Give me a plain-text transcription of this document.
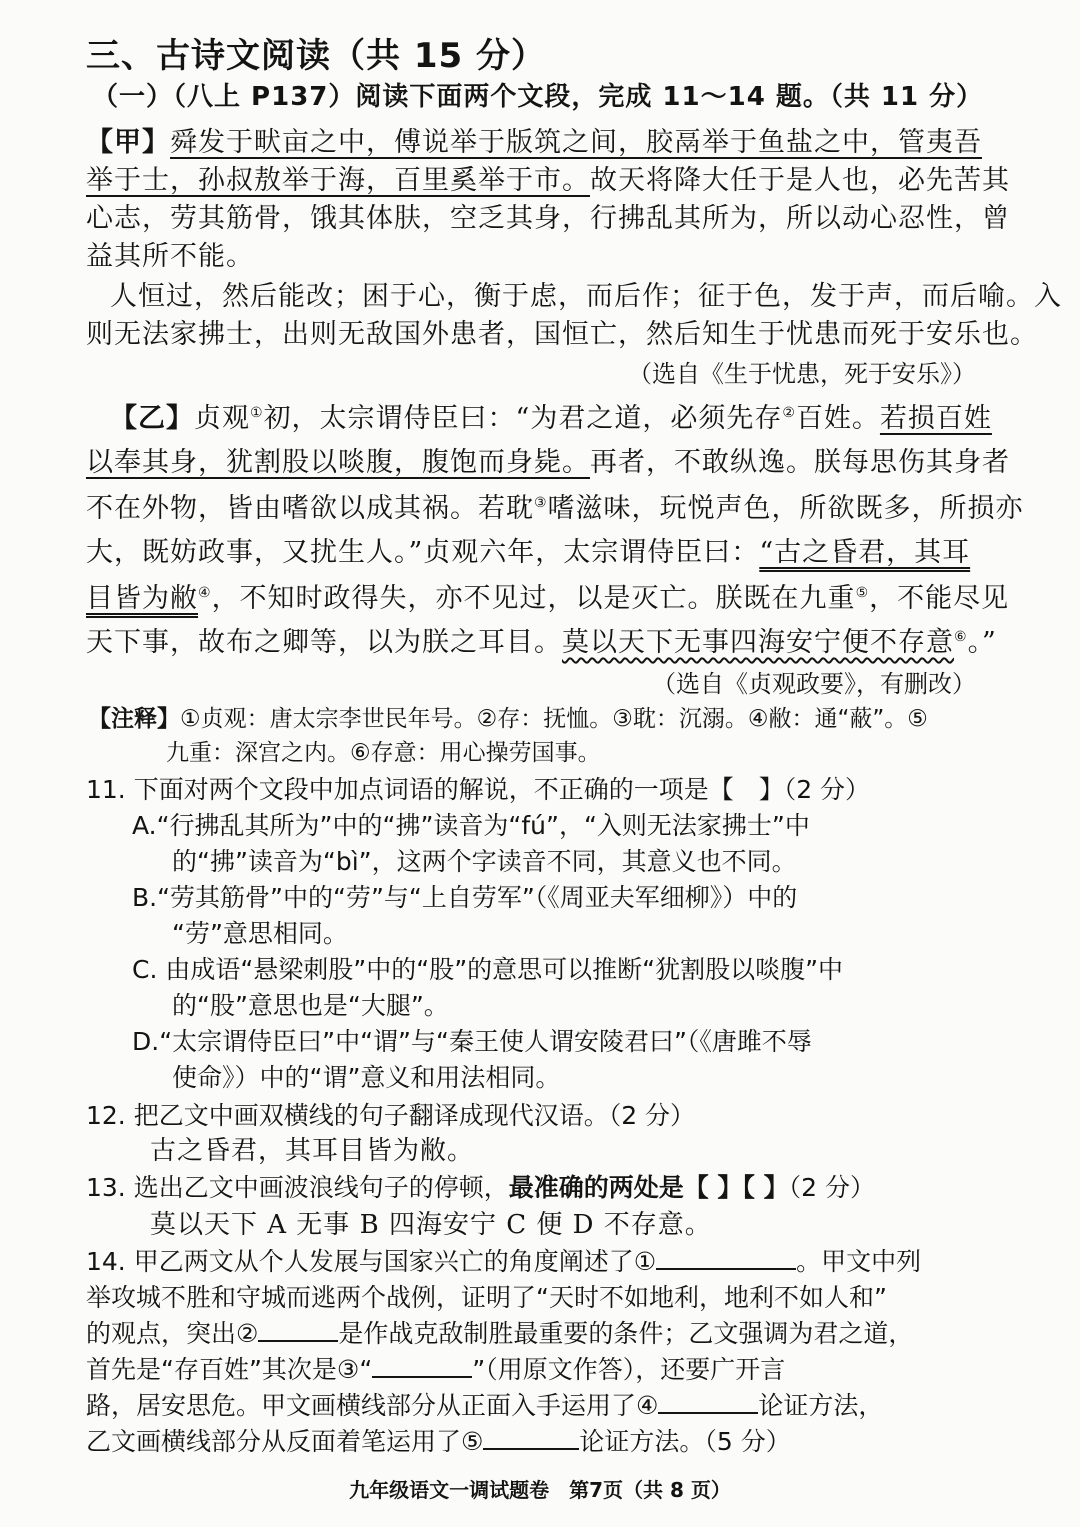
三、古诗文阅读（共 15 分）
（一）（八上 P137）阅读下面两个文段，完成 11～14 题。（共 11 分）
【甲】舜发于畎亩之中，傅说举于版筑之间，胶鬲举于鱼盐之中，管夷吾
举于士，孙叔敖举于海，百里奚举于市。故天将降大任于是人也，必先苦其
心志，劳其筋骨，饿其体肤，空乏其身，行拂乱其所为，所以动心忍性，曾
益其所不能。
人恒过，然后能改；困于心，衡于虑，而后作；征于色，发于声，而后喻。入
则无法家拂士，出则无敌国外患者，国恒亡，然后知生于忧患而死于安乐也。
（选自《生于忧患，死于安乐》）
【乙】贞观①初，太宗谓侍臣曰：“为君之道，必须先存②百姓。若损百姓
以奉其身，犹割股以啖腹，腹饱而身毙。再者，不敢纵逸。朕每思伤其身者
不在外物，皆由嗜欲以成其祸。若耽③嗜滋味，玩悦声色，所欲既多，所损亦
大，既妨政事，又扰生人。”贞观六年，太宗谓侍臣曰：“古之昏君，其耳
目皆为敝④，不知时政得失，亦不见过，以是灭亡。朕既在九重⑤，不能尽见
天下事，故布之卿等，以为朕之耳目。莫以天下无事四海安宁便不存意⑥。”
（选自《贞观政要》，有删改）
【注释】①贞观：唐太宗李世民年号。②存：抚恤。③耽：沉溺。④敝：通“蔽”。⑤
九重：深宫之内。⑥存意：用心操劳国事。
11. 下面对两个文段中加点词语的解说，不正确的一项是【　】（2 分）
A.“行拂乱其所为”中的“拂”读音为“fú”，“入则无法家拂士”中
的“拂”读音为“bì”，这两个字读音不同，其意义也不同。
B.“劳其筋骨”中的“劳”与“上自劳军”（《周亚夫军细柳》）中的
“劳”意思相同。
C. 由成语“悬梁刺股”中的“股”的意思可以推断“犹割股以啖腹”中
的“股”意思也是“大腿”。
D.“太宗谓侍臣曰”中“谓”与“秦王使人谓安陵君曰”（《唐雎不辱
使命》）中的“谓”意义和用法相同。
12. 把乙文中画双横线的句子翻译成现代汉语。（2 分）
古之昏君，其耳目皆为敝。
13. 选出乙文中画波浪线句子的停顿，最准确的两处是【 】【 】（2 分）
莫以天下 A 无事 B 四海安宁 C 便 D 不存意。
14. 甲乙两文从个人发展与国家兴亡的角度阐述了①	。甲文中列
举攻城不胜和守城而逃两个战例，证明了“天时不如地利，地利不如人和”
的观点，突出②	是作战克敌制胜最重要的条件；乙文强调为君之道，
首先是“存百姓”其次是③“	”（用原文作答），还要广开言
路，居安思危。甲文画横线部分从正面入手运用了④	论证方法，
乙文画横线部分从反面着笔运用了⑤	论证方法。（5 分）
九年级语文一调试题卷　第7页（共 8 页）
